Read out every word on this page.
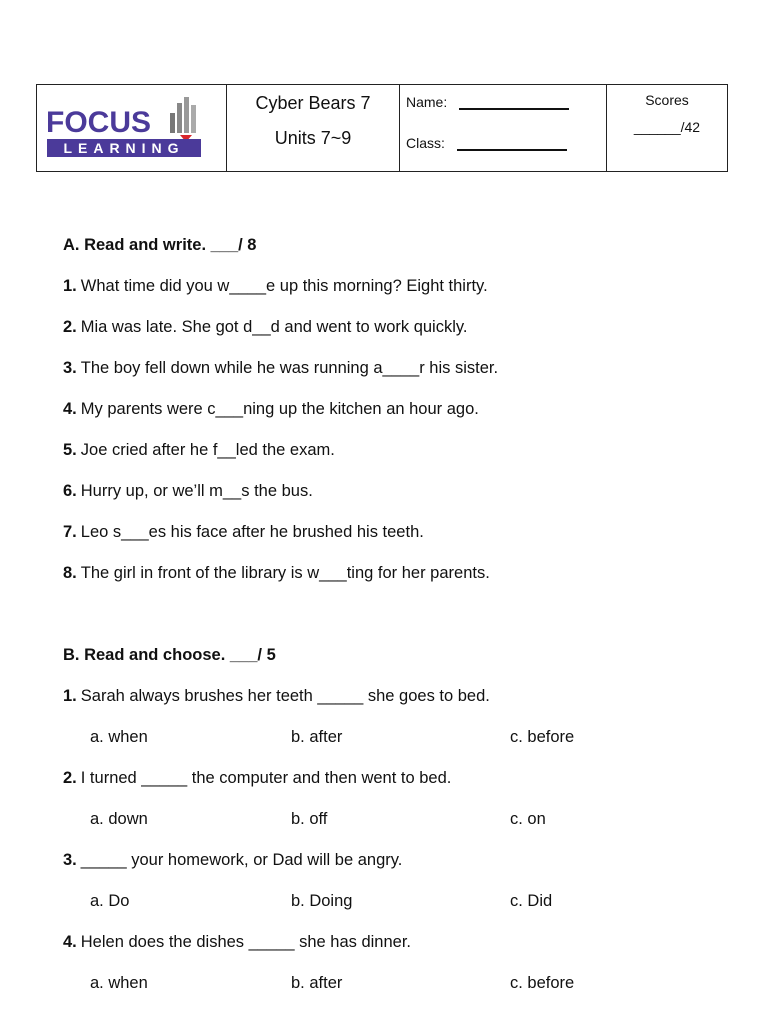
FOCUS
LEARNING
Cyber Bears 7
Units 7~9
Name:
Class:
Scores
______/42
A. Read and write. ___/ 8
1. What time did you w____e up this morning? Eight thirty.
2. Mia was late. She got d__d and went to work quickly.
3. The boy fell down while he was running a____r his sister.
4. My parents were c___ning up the kitchen an hour ago.
5. Joe cried after he f__led the exam.
6. Hurry up, or we’ll m__s the bus.
7. Leo s___es his face after he brushed his teeth.
8. The girl in front of the library is w___ting for her parents.
B. Read and choose. ___/ 5
1. Sarah always brushes her teeth _____ she goes to bed.
a. when	b. after	c. before
2. I turned _____ the computer and then went to bed.
a. down	b. off	c. on
3. _____ your homework, or Dad will be angry.
a. Do	b. Doing	c. Did
4. Helen does the dishes _____ she has dinner.
a. when	b. after	c. before
